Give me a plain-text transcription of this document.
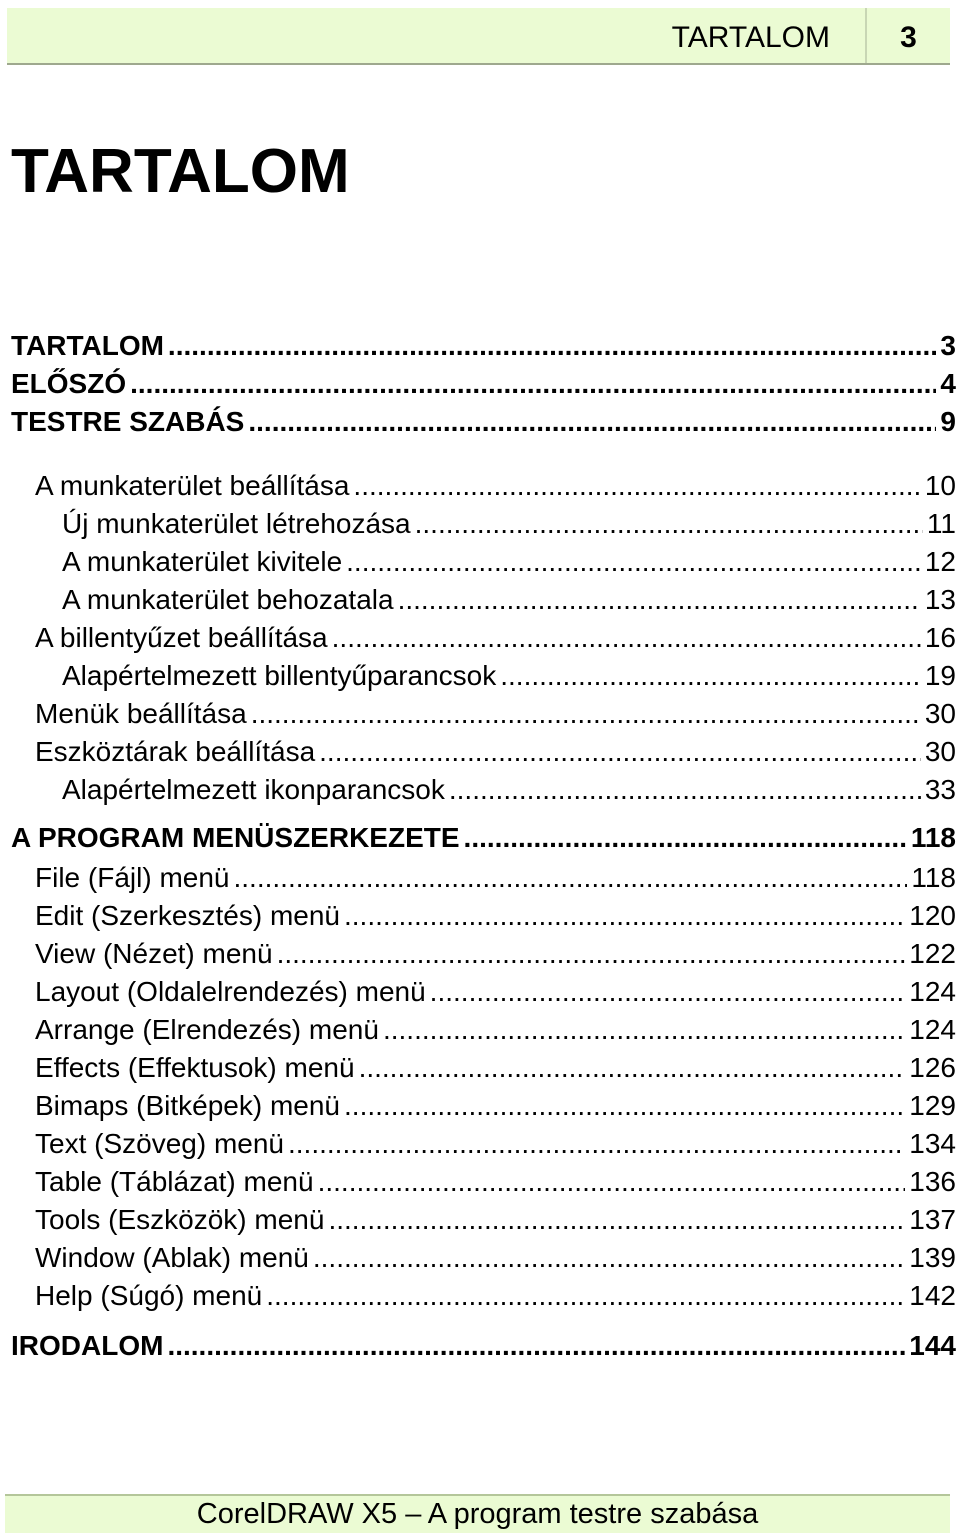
TARTALOM	3
TARTALOM
TARTALOM .....	3
ELŐSZÓ .....	4
TESTRE SZABÁS .....	9
A munkaterület beállítása .....	10
Új munkaterület létrehozása .....	11
A munkaterület kivitele .....	12
A munkaterület behozatala .....	13
A billentyűzet beállítása .....	16
Alapértelmezett billentyűparancsok .....	19
Menük beállítása .....	30
Eszköztárak beállítása .....	30
Alapértelmezett ikonparancsok .....	33
A PROGRAM MENÜSZERKEZETE .....	118
File (Fájl) menü .....	118
Edit (Szerkesztés) menü .....	120
View (Nézet) menü .....	122
Layout (Oldalelrendezés) menü .....	124
Arrange (Elrendezés) menü .....	124
Effects (Effektusok) menü .....	126
Bimaps (Bitképek) menü .....	129
Text (Szöveg) menü .....	134
Table (Táblázat) menü .....	136
Tools (Eszközök) menü .....	137
Window (Ablak) menü .....	139
Help (Súgó) menü .....	142
IRODALOM .....	144
CorelDRAW X5 – A program testre szabása
